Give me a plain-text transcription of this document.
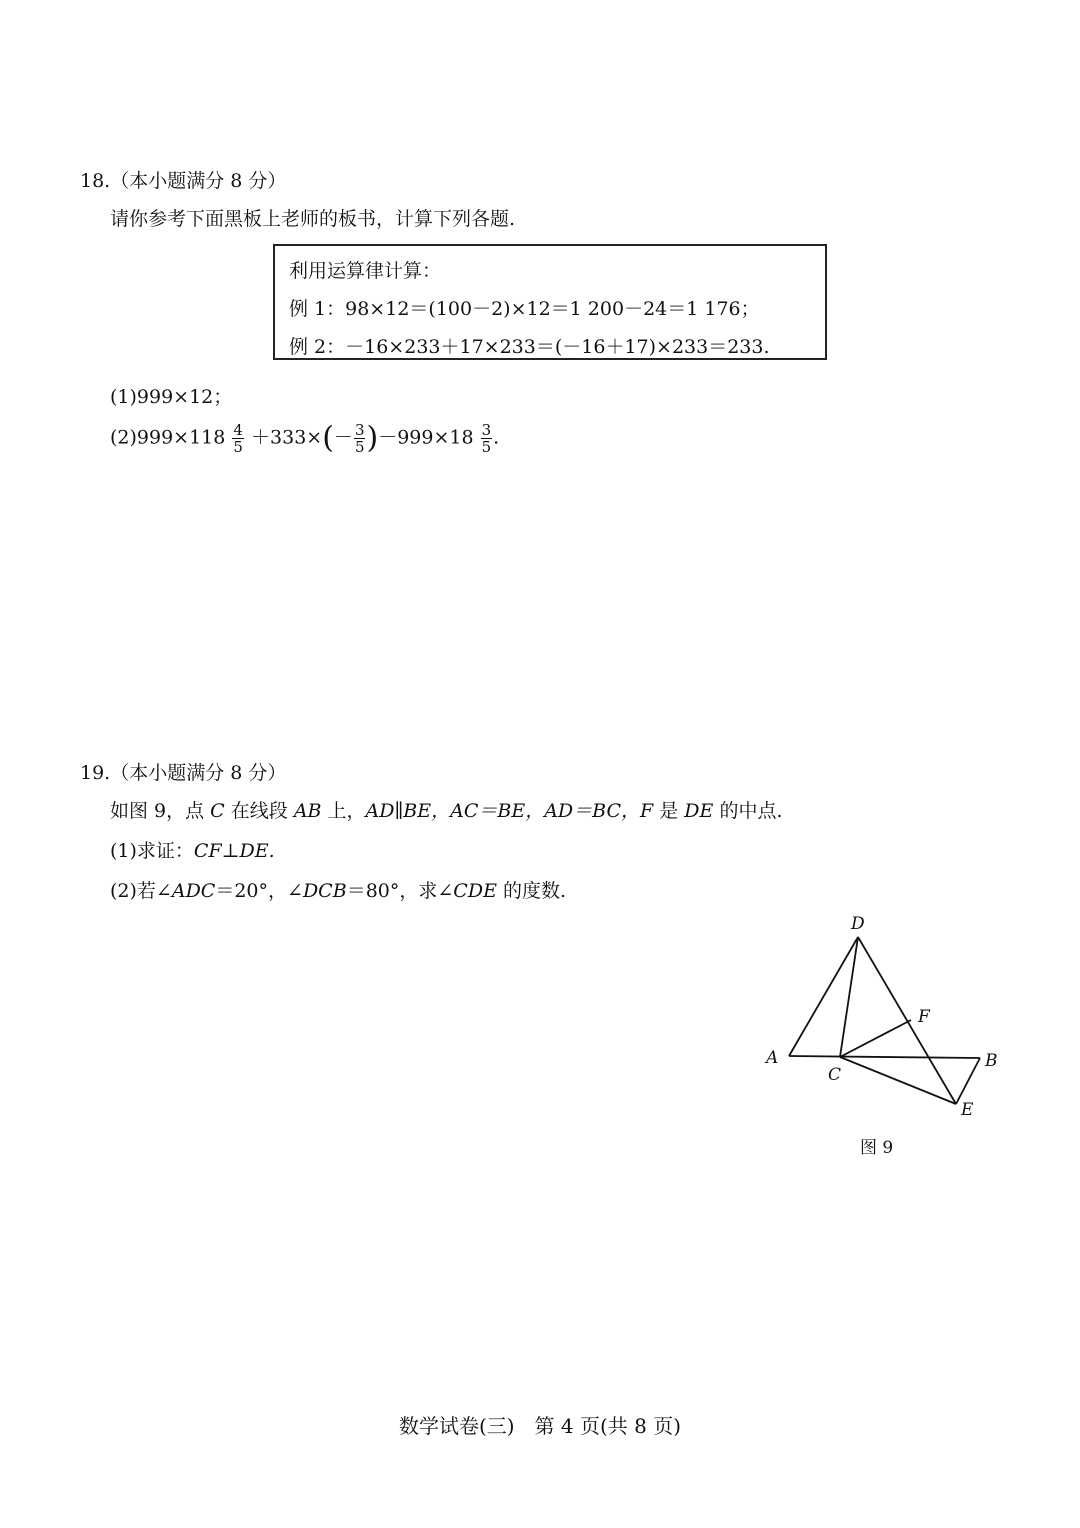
18.（本小题满分 8 分）
请你参考下面黑板上老师的板书，计算下列各题.
利用运算律计算：
例 1：98×12＝(100－2)×12＝1 200－24＝1 176；
例 2：－16×233＋17×233＝(－16＋17)×233＝233.
(1)999×12；
$(2)999\times 118 \frac{4}{5} +333\times(- \frac{3}{5} )-999\times 18 \frac{3}{5}$ .
19.（本小题满分 8 分）
如图 9，点 C 在线段 AB 上，AD∥BE，AC＝BE，AD＝BC，F 是 DE 的中点.
(1)求证：CF⊥DE.
(2)若∠ADC＝20°，∠DCB＝80°，求∠CDE 的度数.
A	B
C
D
E
F
图 9
数学试卷(三)　第 4 页(共 8 页)
